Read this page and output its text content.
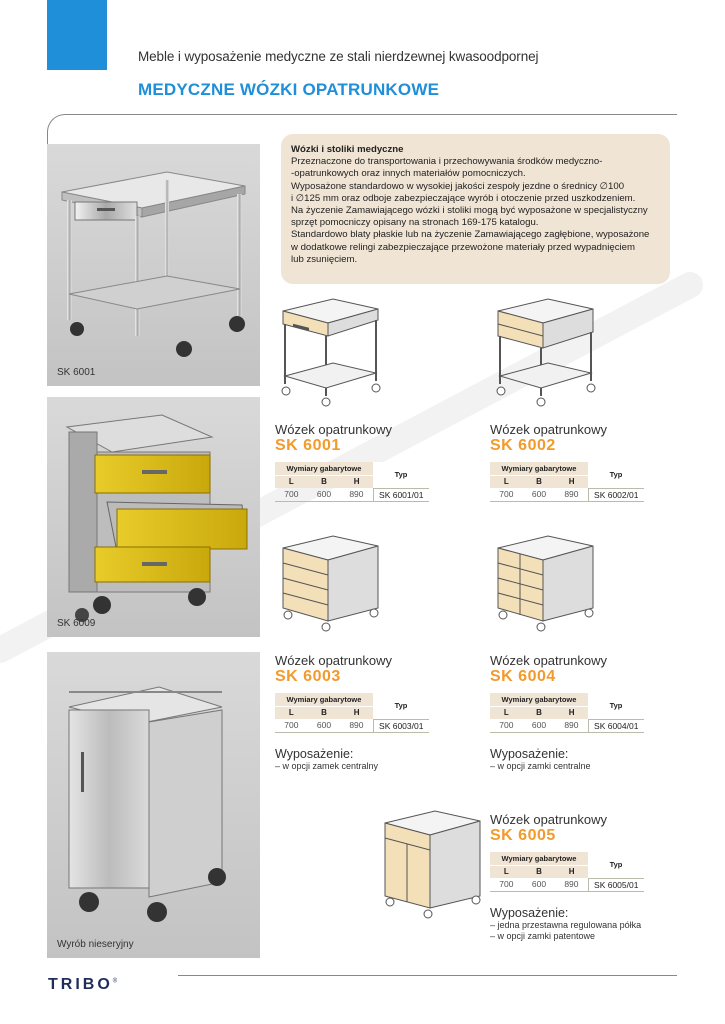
Meble i wyposażenie medyczne ze stali nierdzewnej kwasoodpornej
MEDYCZNE WÓZKI OPATRUNKOWE
SK 6001
SK 6009
Wyrób nieseryjny

Wózki i stoliki medyczne

Przeznaczone do transportowania i przechowywania środków medyczno-

-opatrunkowych oraz innych materiałów pomocniczych.

Wyposażone standardowo w wysokiej jakości zespoły jezdne o średnicy ∅100

i ∅125 mm oraz odboje zabezpieczające wyrób i otoczenie przed uszkodzeniem.

Na życzenie Zamawiającego wózki i stoliki mogą być wyposażone w specjalistyczny

sprzęt pomocniczy opisany na stronach 169-175 katalogu.

Standardowo blaty płaskie lub na życzenie Zamawiającego zagłębione, wyposażone

w dodatkowe relingi zabezpieczające przewożone materiały przed wypadnięciem

lub zsunięciem.

Wózek opatrunkowy
SK 6001
Wymiary gabarytowe			Typ
L	B	H	
700	600	890	SK 6001/01
Wózek opatrunkowy
SK 6002
Wymiary gabarytowe			Typ
L	B	H	
700	600	890	SK 6002/01
Wózek opatrunkowy
SK 6003
Wymiary gabarytowe			Typ
L	B	H	
700	600	890	SK 6003/01
Wyposażenie:
– w opcji zamek centralny
Wózek opatrunkowy
SK 6004
Wymiary gabarytowe			Typ
L	B	H	
700	600	890	SK 6004/01
Wyposażenie:
– w opcji zamki centralne
Wózek opatrunkowy
SK 6005
Wymiary gabarytowe			Typ
L	B	H	
700	600	890	SK 6005/01
Wyposażenie:
– jedna przestawna regulowana półka
– w opcji zamki patentowe
TRIBO®
